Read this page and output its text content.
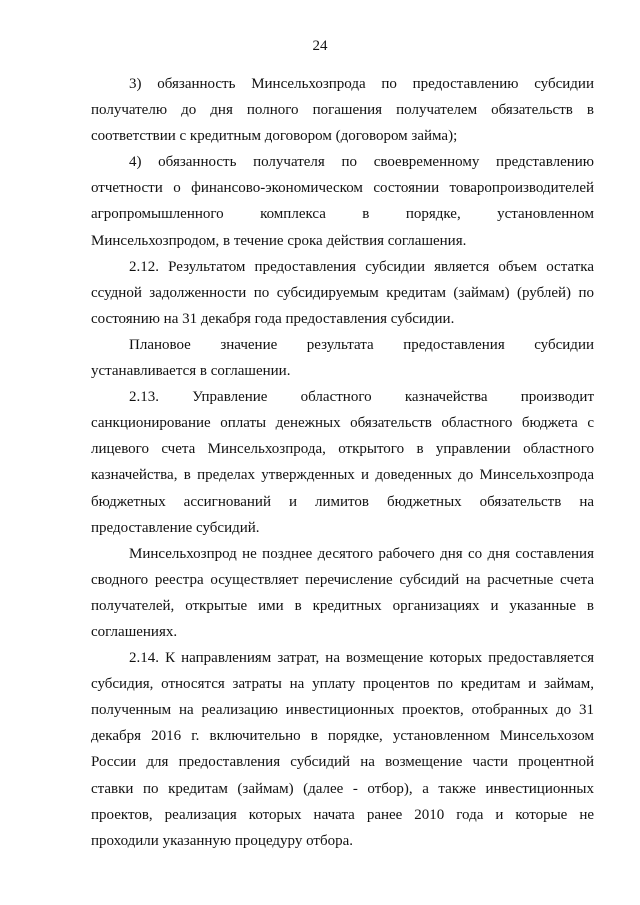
24

3) обязанность Минсельхозпрода по предоставлению субсидии получателю до дня полного погашения получателем обязательств в

соответствии с кредитным договором (договором займа);

4) обязанность получателя по своевременному представлению отчетности о финансово-экономическом состоянии товаропроизводителей агропромышленного комплекса в порядке, установленном

Минсельхозпродом, в течение срока действия соглашения.

2.12. Результатом предоставления субсидии является объем остатка ссудной задолженности по субсидируемым кредитам (займам) (рублей) по

состоянию на 31 декабря года предоставления субсидии.

Плановое значение результата предоставления субсидии

устанавливается в соглашении.

2.13. Управление областного казначейства производит санкционирование оплаты денежных обязательств областного бюджета с лицевого счета Минсельхозпрода, открытого в управлении областного казначейства, в пределах утвержденных и доведенных до Минсельхозпрода бюджетных ассигнований и лимитов бюджетных обязательств на

предоставление субсидий.

Минсельхозпрод не позднее десятого рабочего дня со дня составления сводного реестра осуществляет перечисление субсидий на расчетные счета получателей, открытые ими в кредитных организациях и указанные в

соглашениях.

2.14. К направлениям затрат, на возмещение которых предоставляется субсидия, относятся затраты на уплату процентов по кредитам и займам, полученным на реализацию инвестиционных проектов, отобранных до 31 декабря 2016 г. включительно в порядке, установленном Минсельхозом России для предоставления субсидий на возмещение части процентной ставки по кредитам (займам) (далее - отбор), а также инвестиционных проектов, реализация которых начата ранее 2010 года и которые не

проходили указанную процедуру отбора.
